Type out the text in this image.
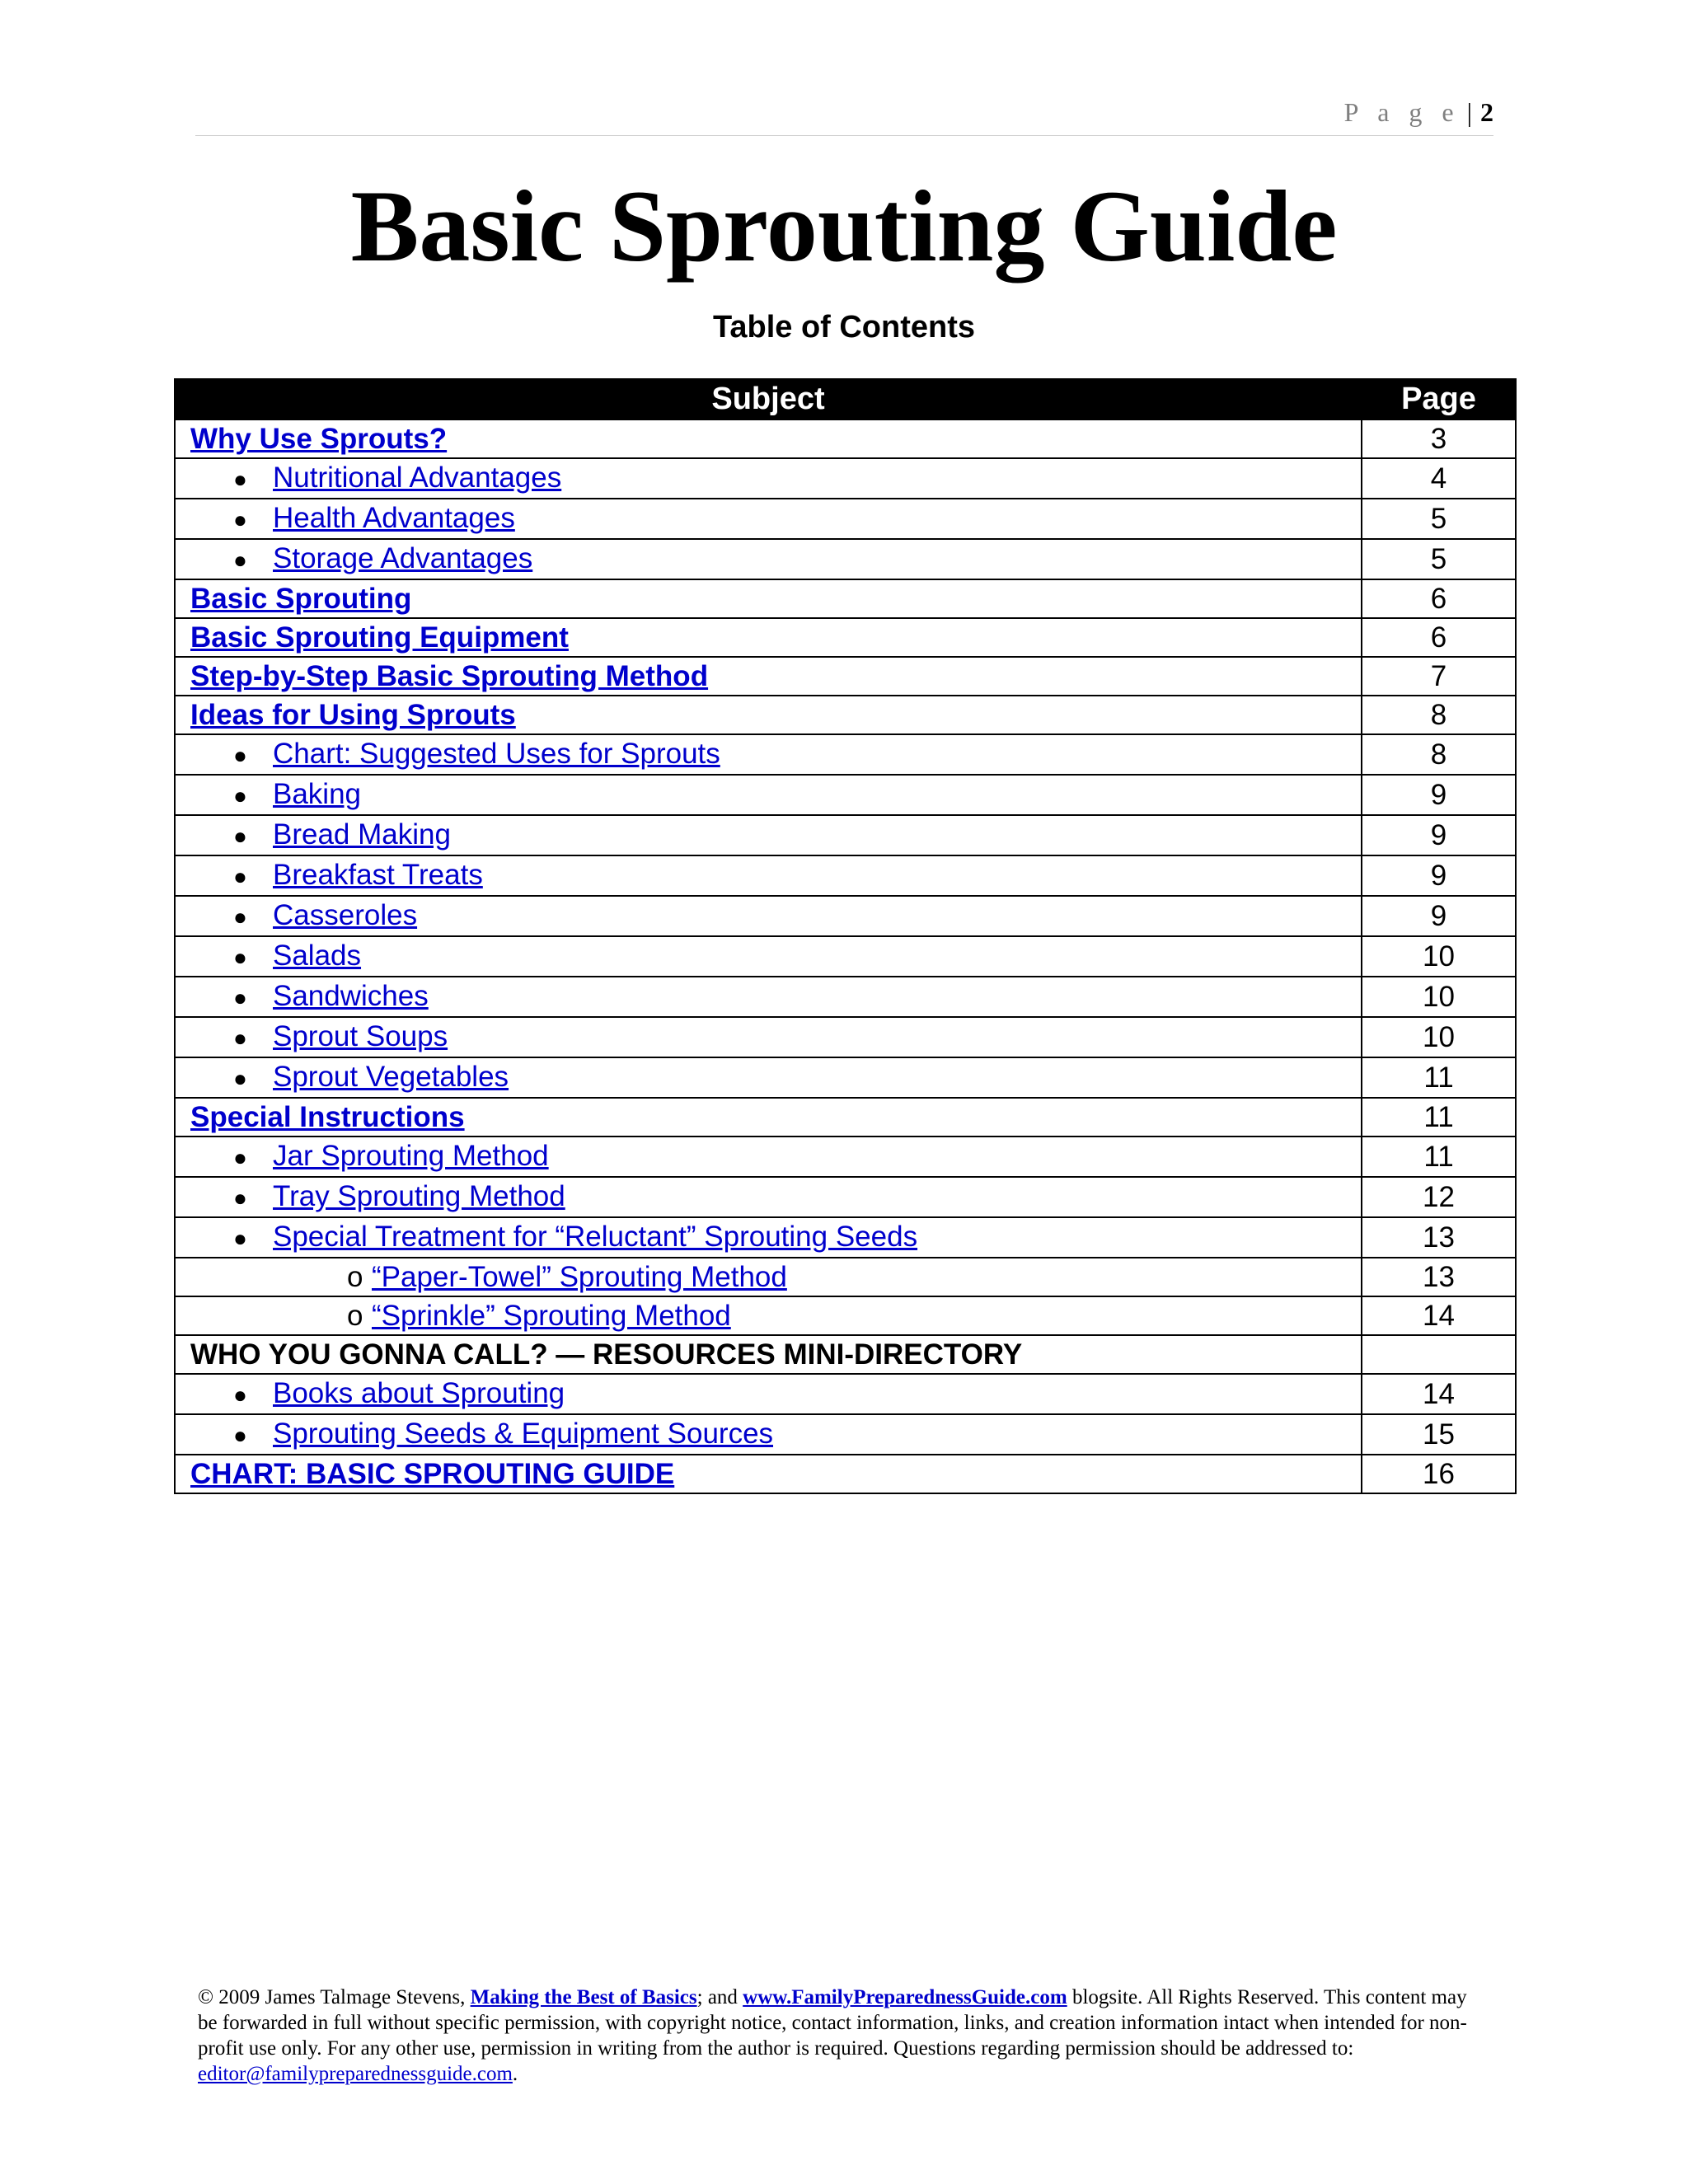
P a g e | 2
Basic Sprouting Guide
Table of Contents
Subject	Page
Why Use Sprouts?	3
● Nutritional Advantages	4
● Health Advantages	5
● Storage Advantages	5
Basic Sprouting	6
Basic Sprouting Equipment	6
Step-by-Step Basic Sprouting Method	7
Ideas for Using Sprouts	8
● Chart: Suggested Uses for Sprouts	8
● Baking	9
● Bread Making	9
● Breakfast Treats	9
● Casseroles	9
● Salads	10
● Sandwiches	10
● Sprout Soups	10
● Sprout Vegetables	11
Special Instructions	11
● Jar Sprouting Method	11
● Tray Sprouting Method	12
● Special Treatment for “Reluctant” Sprouting Seeds	13
o “Paper-Towel” Sprouting Method	13
o “Sprinkle” Sprouting Method	14
WHO YOU GONNA CALL? — RESOURCES MINI-DIRECTORY	
● Books about Sprouting	14
● Sprouting Seeds & Equipment Sources	15
CHART: BASIC SPROUTING GUIDE	16
© 2009 James Talmage Stevens, Making the Best of Basics; and www.FamilyPreparednessGuide.com blogsite. All Rights Reserved. This content may be forwarded in full without specific permission, with copyright notice, contact information, links, and creation information intact when intended for non-profit use only. For any other use, permission in writing from the author is required. Questions regarding permission should be addressed to: editor@familypreparednessguide.com.
